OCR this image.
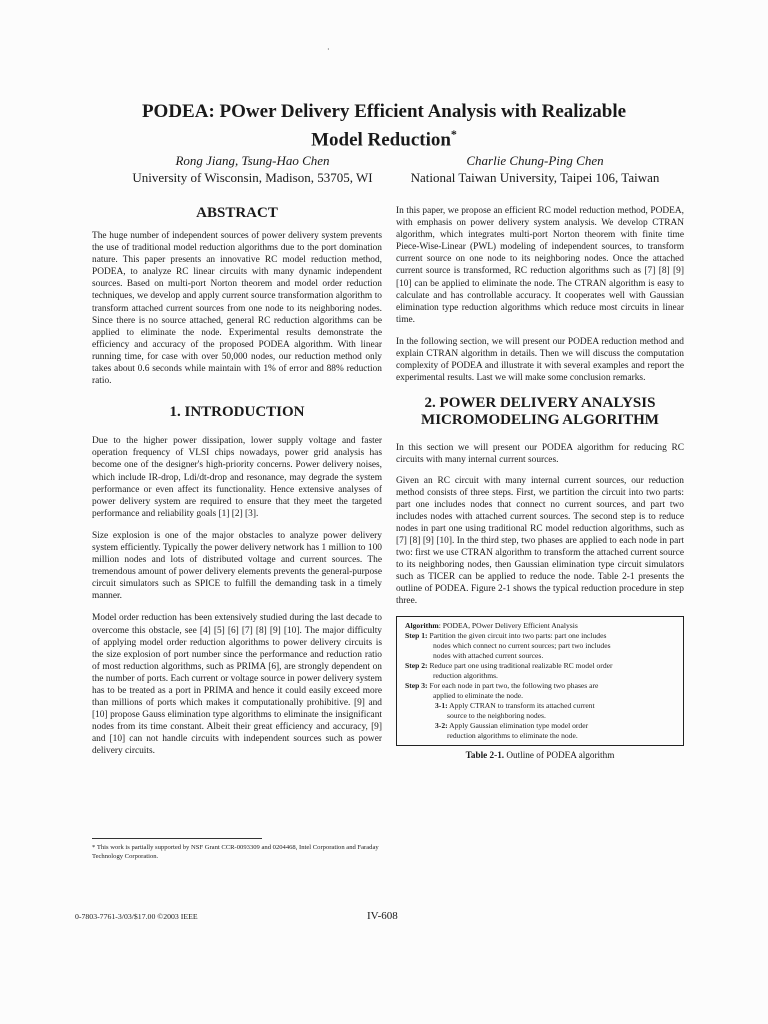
·
PODEA: POwer Delivery Efficient Analysis with Realizable
Model Reduction*
Rong Jiang, Tsung-Hao Chen
University of Wisconsin, Madison, 53705, WI
Charlie Chung-Ping Chen
National Taiwan University, Taipei 106, Taiwan
ABSTRACT

The huge number of independent sources of power delivery system prevents the use of traditional model reduction algorithms due to the port domination nature. This paper presents an innovative RC model reduction method, PODEA, to analyze RC linear circuits with many dynamic independent sources. Based on multi-port Norton theorem and model order reduction techniques, we develop and apply current source transformation algorithm to transform attached current sources from one node to its neighboring nodes. Since there is no source attached, general RC reduction algorithms can be applied to eliminate the node. Experimental results demonstrate the efficiency and accuracy of the proposed PODEA algorithm. With linear running time, for case with over 50,000 nodes, our reduction method only takes about 0.6 seconds while maintain with 1% of error and 88% reduction ratio.

1. INTRODUCTION

Due to the higher power dissipation, lower supply voltage and faster operation frequency of VLSI chips nowadays, power grid analysis has become one of the designer's high-priority concerns. Power delivery noises, which include IR-drop, Ldi/dt-drop and resonance, may degrade the system performance or even affect its functionality. Hence extensive analyses of power delivery system are required to ensure that they meet the targeted performance and reliability goals [1] [2] [3].

Size explosion is one of the major obstacles to analyze power delivery system efficiently. Typically the power delivery network has 1 million to 100 million nodes and lots of distributed voltage and current sources. The tremendous amount of power delivery elements prevents the general-purpose circuit simulators such as SPICE to fulfill the demanding task in a timely manner.

Model order reduction has been extensively studied during the last decade to overcome this obstacle, see [4] [5] [6] [7] [8] [9] [10]. The major difficulty of applying model order reduction algorithms to power delivery circuits is the size explosion of port number since the performance and reduction ratio of most reduction algorithms, such as PRIMA [6], are strongly dependent on the number of ports. Each current or voltage source in power delivery system has to be treated as a port in PRIMA and hence it could easily exceed more than millions of ports which makes it computationally prohibitive. [9] and [10] propose Gauss elimination type algorithms to eliminate the insignificant nodes from its time constant. Albeit their great efficiency and accuracy, [9] and [10] can not handle circuits with independent sources such as power delivery circuits.

In this paper, we propose an efficient RC model reduction method, PODEA, with emphasis on power delivery system analysis. We develop CTRAN algorithm, which integrates multi-port Norton theorem with finite time Piece-Wise-Linear (PWL) modeling of independent sources, to transform current source on one node to its neighboring nodes. Once the attached current source is transformed, RC reduction algorithms such as [7] [8] [9] [10] can be applied to eliminate the node. The CTRAN algorithm is easy to calculate and has controllable accuracy. It cooperates well with Gaussian elimination type reduction algorithms which reduce most circuits in linear time.

In the following section, we will present our PODEA reduction method and explain CTRAN algorithm in details. Then we will discuss the computation complexity of PODEA and illustrate it with several examples and report the experimental results. Last we will make some conclusion remarks.

2. POWER DELIVERY ANALYSIS
MICROMODELING ALGORITHM

In this section we will present our PODEA algorithm for reducing RC circuits with many internal current sources.

Given an RC circuit with many internal current sources, our reduction method consists of three steps. First, we partition the circuit into two parts: part one includes nodes that connect no current sources, and part two includes nodes with attached current sources. The second step is to reduce nodes in part one using traditional RC model reduction algorithms, such as [7] [8] [9] [10]. In the third step, two phases are applied to each node in part two: first we use CTRAN algorithm to transform the attached current source to its neighboring nodes, then Gaussian elimination type circuit simulators such as TICER can be applied to reduce the node. Table 2-1 presents the outline of PODEA. Figure 2-1 shows the typical reduction procedure in step three.

Algorithm: PODEA, POwer Delivery Efficient Analysis
Step 1: Partition the given circuit into two parts: part one includes
nodes which connect no current sources; part two includes
nodes with attached current sources.
Step 2: Reduce part one using traditional realizable RC model order
reduction algorithms.
Step 3: For each node in part two, the following two phases are
applied to eliminate the node.
3-1: Apply CTRAN to transform its attached current
source to the neighboring nodes.
3-2: Apply Gaussian elimination type model order
reduction algorithms to eliminate the node.
Table 2-1. Outline of PODEA algorithm
* This work is partially supported by NSF Grant CCR-0093309 and 0204468, Intel Corporation and Faraday Technology Corporation.
0-7803-7761-3/03/$17.00 ©2003 IEEE	IV-608
